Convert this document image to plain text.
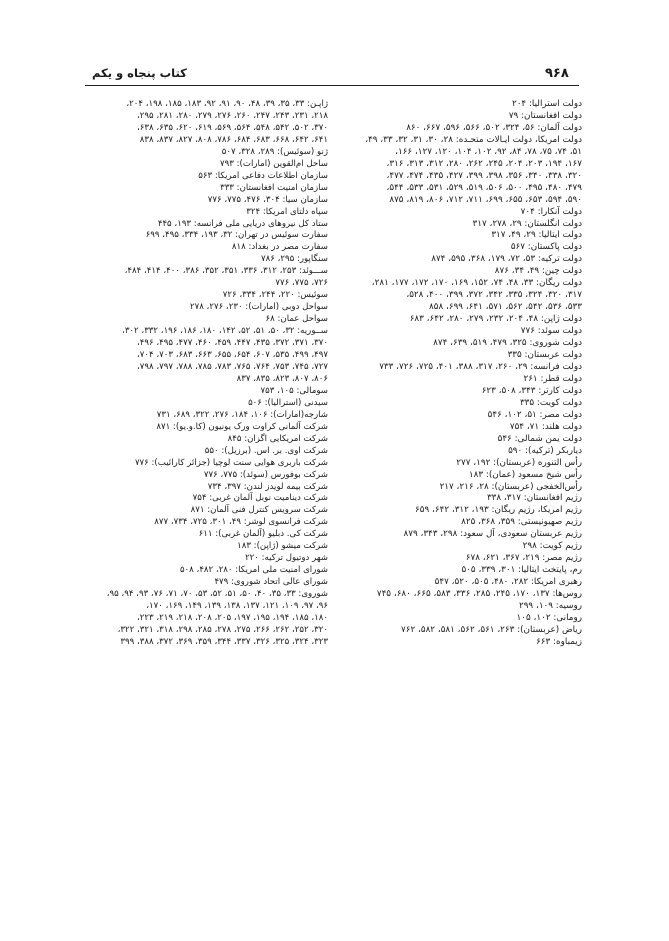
کتاب پنجاه و یکم	۹۶۸
دولت استرالیا: ۲۰۴
دولت افغانستان: ۷۹
دولت آلمان: ۵۶، ۳۲۴، ۵۰۲، ۵۶۶، ۵۹۶، ۶۶۷، ۸۶۰
دولت امریکا، دولت ایـالات متحـده: ۲۸، ۳۰، ۳۱، ۳۲، ۳۳، ۴۹،
۵۱، ۷۴، ۷۵، ۷۸، ۸۴، ۹۲، ۱۰۲، ۱۰۴، ۱۲۰، ۱۲۷، ۱۶۶،
۱۶۷، ۱۹۴، ۲۰۳، ۲۰۴، ۲۴۵، ۲۶۲، ۲۸۰، ۳۱۲، ۳۱۳، ۳۱۶،
۳۲۰، ۳۳۸، ۳۴۰، ۳۵۶، ۳۹۸، ۳۹۹، ۴۲۷، ۴۳۵، ۴۷۴، ۴۷۷،
۴۷۹، ۴۸۰، ۴۹۵، ۵۰۰، ۵۰۶، ۵۱۹، ۵۲۹، ۵۳۱، ۵۳۳، ۵۴۴،
۵۹۰، ۵۹۴، ۶۵۳، ۶۵۵، ۶۹۹، ۷۱۱، ۷۱۲، ۸۰۶، ۸۱۹، ۸۷۵
دولت آنکارا: ۷۰۴
دولت انگلستان: ۲۹، ۲۷۸، ۳۱۷
دولت ایتالیا: ۲۹، ۴۹، ۳۱۷
دولت پاکستان: ۵۶۷
دولت ترکیه: ۵۳، ۷۲، ۱۷۹، ۳۶۸، ۵۹۵، ۸۷۴
دولت چین: ۴۹، ۳۴، ۸۷۶
دولت ریگان: ۳۳، ۴۸، ۷۴، ۱۵۲، ۱۶۹، ۱۷۰، ۱۷۲، ۱۷۷، ۲۸۱،
۳۱۷، ۳۲۰، ۳۲۴، ۳۳۵، ۳۴۲، ۳۷۲، ۳۹۹، ۴۰۰، ۵۲۸،
۵۳۳، ۵۳۶، ۵۴۲، ۵۶۲، ۵۷۱، ۶۴۱، ۶۹۹، ۸۵۸
دولت ژاپن: ۴۸، ۲۰۴، ۲۳۲، ۲۷۹، ۲۸۰، ۶۴۲، ۶۸۳
دولت سوئد: ۷۷۶
دولت شوروی: ۳۲۵، ۴۷۹، ۵۱۹، ۶۳۹، ۸۷۴
دولت عربستان: ۳۳۵
دولت فرانسه: ۲۹، ۲۶۰، ۳۱۷، ۳۸۸، ۴۰۱، ۷۲۵، ۷۲۶، ۷۳۳
دولت قطر: ۲۶۱
دولت کارتر: ۳۴۳، ۵۰۸، ۶۲۳
دولت کویت: ۳۳۵
دولت مصر: ۵۱، ۱۰۲، ۵۴۶
دولت هلند: ۷۱، ۷۵۴
دولت یمن شمالی: ۵۴۶
دیاربکر (ترکیه): ۵۹۰
رأس التنوره (عربستان): ۱۹۲، ۲۷۷
رأس شیخ مسعود (عمان): ۱۸۳
رأس‌الخفجی (عربستان): ۲۸، ۲۱۶، ۲۱۷
رژیم افغانستان: ۳۱۷، ۳۳۸
رژیم امریکا، رژیم ریگان: ۱۹۳، ۳۱۲، ۶۴۲، ۶۵۹
رژیم صهیونیستی: ۳۵۹، ۳۶۸، ۸۲۵
رژیم عربستان سعودی، آل سعود: ۲۹۸، ۳۴۳، ۸۷۹
رژیم کویت: ۲۹۸
رژیم مصر: ۲۱۹، ۳۶۷، ۶۲۱، ۶۷۸
رم، پایتخت ایتالیا: ۳۰۱، ۳۳۹، ۵۰۵
رهبری امریکا: ۲۸۲، ۴۸۰، ۵۰۵، ۵۲۰، ۵۴۷
روس‌ها: ۱۳۷، ۱۷۰، ۲۴۵، ۲۸۵، ۳۳۶، ۵۸۳، ۶۶۵، ۶۸۰، ۷۴۵
روسیه: ۱۰۹، ۲۹۹
رومانی: ۱۰۲، ۱۰۵
ریاض (عربستان): ۲۶۳، ۵۶۱، ۵۶۲، ۵۸۱، ۵۸۲، ۷۶۲
زیمباوه: ۶۶۳
ژاپـن: ۳۳، ۳۵، ۳۹، ۴۸، ۹۰، ۹۱، ۹۲، ۱۸۳، ۱۸۵، ۱۹۸، ۲۰۴،
۲۱۸، ۲۳۱، ۲۴۳، ۲۴۷، ۲۶۰، ۲۷۶، ۲۷۹، ۲۸۰، ۲۸۱، ۲۹۵،
۳۷۰، ۵۰۲، ۵۴۲، ۵۴۸، ۵۶۴، ۵۶۹، ۶۱۹، ۶۲۰، ۶۳۵، ۶۳۸،
۶۴۱، ۶۴۲، ۶۶۸، ۶۸۳، ۶۸۴، ۷۸۶، ۸۰۸، ۸۲۷، ۸۳۷، ۸۳۸
ژنو (سوئیس): ۲۸۹، ۳۲۸، ۵۰۷
ساحل ام‌القوین (امارات): ۷۹۳
سازمان اطلاعات دفاعی امریکا: ۵۶۳
سازمان امنیت افغانستان: ۳۳۳
سازمان سیا: ۳۰۴، ۴۷۶، ۷۷۵، ۷۷۶
سپاه دلتای امریکا: ۳۲۴
ستاد کل نیروهای دریایی ملی فرانسه: ۱۹۳، ۴۴۵
سفارت سوئیس در تهران: ۳۲، ۱۹۳، ۳۳۴، ۴۹۵، ۶۹۹
سفارت مصر در بغداد: ۸۱۸
سنگاپور: ۲۹۵، ۷۸۶
ســـوئد: ۲۵۳، ۳۱۲، ۳۳۶، ۳۵۱، ۳۵۲، ۳۸۶، ۴۰۰، ۴۱۴، ۴۸۴،
۷۲۶، ۷۷۵، ۷۷۶
سوئیس: ۲۲۰، ۲۴۴، ۳۳۴، ۷۲۶
سواحل دوبی (امارات): ۲۳۰، ۲۷۶، ۲۷۸
سواحل عمان: ۶۸
ســوریه: ۳۲، ۵۰، ۵۱، ۵۲، ۱۴۲، ۱۸۰، ۱۸۶، ۱۹۶، ۳۳۲، ۳۰۲،
۳۷۰، ۳۷۱، ۳۷۲، ۴۳۵، ۴۴۷، ۴۵۹، ۴۶۰، ۴۷۷، ۴۹۵، ۴۹۶،
۴۹۷، ۴۹۹، ۵۳۵، ۶۰۷، ۶۵۴، ۶۵۵، ۶۶۳، ۶۸۳، ۷۰۳، ۷۰۴،
۷۲۷، ۷۴۵، ۷۵۳، ۷۶۴، ۷۶۵، ۷۸۳، ۷۸۵، ۷۸۸، ۷۹۷، ۷۹۸،
۸۰۶، ۸۰۷، ۸۲۳، ۸۳۵، ۸۳۷
سومالی: ۱۰۵، ۷۵۳
سیدنی (استرالیا): ۵۰۶
شارجه(امارات): ۱۰۶، ۱۸۴، ۲۷۶، ۳۲۲، ۶۸۹، ۷۳۱
شرکت آلمانی کراوت ورک یونیون (کا.و.یو): ۸۷۱
شرکت امریکایی اگزان: ۸۴۵
شرکت اوی. بر. اس. (برزیل): ۵۵۰
شرکت باربری هوایی سنت لوچیا (جزائر کارائیب): ۷۷۶
شرکت بوفورس (سوئد): ۷۷۵، ۷۷۶
شرکت بیمه لویدز لندن: ۳۹۷، ۷۳۴
شرکت دینامیت نوبل آلمان غربی: ۷۵۴
شرکت سرویس کنترل فنی آلمان: ۸۷۱
شرکت فرانسوی لوشر: ۴۹، ۳۰۱، ۷۲۵، ۷۳۴، ۸۷۷
شرکت کی. دبلیو (آلمان غربی): ۶۱۱
شرکت میشو (ژاپن): ۱۸۳
شهر دوتیول ترکیه: ۲۲۰
شورای امنیت ملی امریکا: ۲۸۰، ۴۸۲، ۵۰۸
شورای عالی اتحاد شوروی: ۴۷۹
شوروی: ۳۳، ۳۵، ۴۰، ۵۰، ۵۱، ۵۲، ۵۳، ۷۰، ۷۱، ۷۶، ۹۳، ۹۴، ۹۵،
۹۶، ۹۷، ۱۰۹، ۱۲۱، ۱۳۷، ۱۳۸، ۱۳۹، ۱۴۹، ۱۶۹، ۱۷۰،
۱۸۰، ۱۸۵، ۱۹۴، ۱۹۵، ۱۹۷، ۲۰۵، ۲۰۸، ۲۱۸، ۲۱۹، ۲۲۳،
۳۲۰، ۲۵۲، ۲۶۲، ۲۶۶، ۲۷۵، ۲۷۸، ۲۸۵، ۲۹۸، ۳۱۸، ۳۲۱، ۳۲۲،
۳۲۳، ۳۲۴، ۳۲۵، ۳۲۶، ۳۳۷، ۳۴۴، ۳۵۹، ۳۶۹، ۳۷۲، ۳۸۸، ۳۹۹
